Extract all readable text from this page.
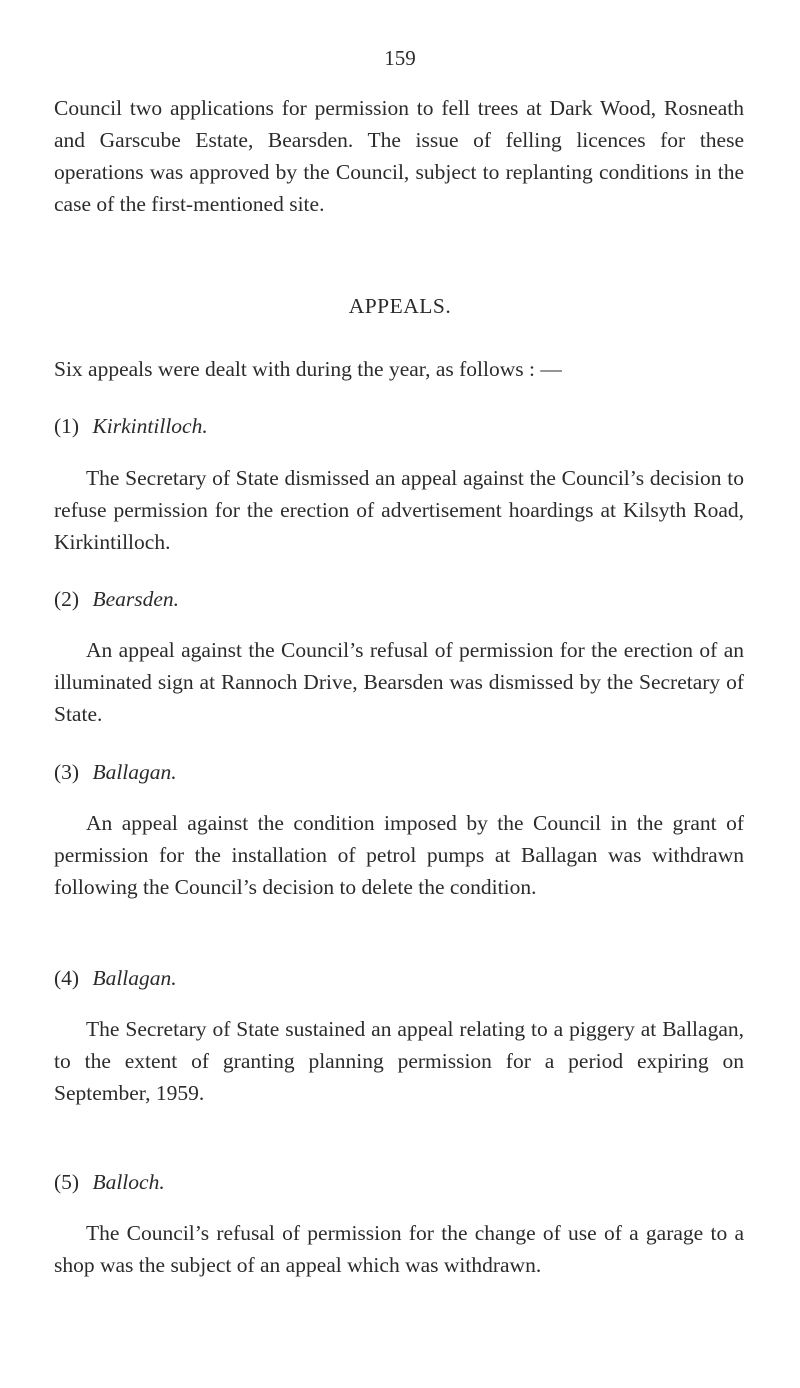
159

Council two applications for permission to fell trees at Dark Wood, Rosneath and Garscube Estate, Bearsden. The issue of felling licences for these operations was approved by the Council, subject to replanting conditions in the case of the first-mentioned site.

APPEALS.

Six appeals were dealt with during the year, as follows : —

(1) Kirkintilloch.

The Secretary of State dismissed an appeal against the Council’s decision to refuse permission for the erection of advertisement hoardings at Kilsyth Road, Kirkintilloch.

(2) Bearsden.

An appeal against the Council’s refusal of permission for the erection of an illuminated sign at Rannoch Drive, Bearsden was dismissed by the Secretary of State.

(3) Ballagan.

An appeal against the condition imposed by the Council in the grant of permission for the installation of petrol pumps at Ballagan was withdrawn following the Council’s decision to delete the condition.

(4) Ballagan.

The Secretary of State sustained an appeal relating to a piggery at Ballagan, to the extent of granting planning permission for a period expiring on September, 1959.

(5) Balloch.

The Council’s refusal of permission for the change of use of a garage to a shop was the subject of an appeal which was withdrawn.
